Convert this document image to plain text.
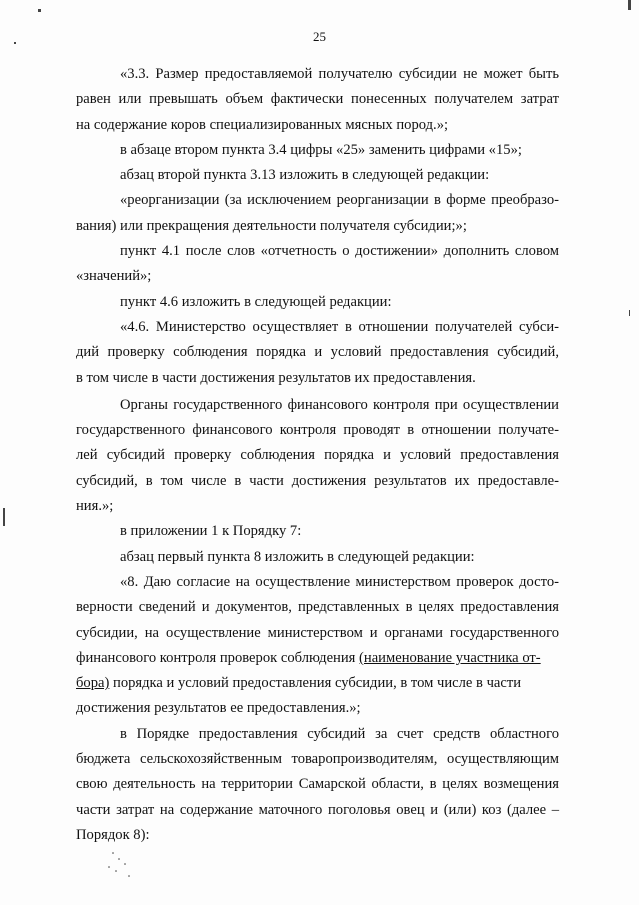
25
«3.3. Размер предоставляемой получателю субсидии не может быть
равен или превышать объем фактически понесенных получателем затрат
на содержание коров специализированных мясных пород.»;
в абзаце втором пункта 3.4 цифры «25» заменить цифрами «15»;
абзац второй пункта 3.13 изложить в следующей редакции:
«реорганизации (за исключением реорганизации в форме преобразо-
вания) или прекращения деятельности получателя субсидии;»;
пункт 4.1 после слов «отчетность о достижении» дополнить словом
«значений»;
пункт 4.6 изложить в следующей редакции:
«4.6. Министерство осуществляет в отношении получателей субси-
дий проверку соблюдения порядка и условий предоставления субсидий,
в том числе в части достижения результатов их предоставления.
Органы государственного финансового контроля при осуществлении
государственного финансового контроля проводят в отношении получате-
лей субсидий проверку соблюдения порядка и условий предоставления
субсидий, в том числе в части достижения результатов их предоставле-
ния.»;
в приложении 1 к Порядку 7:
абзац первый пункта 8 изложить в следующей редакции:
«8. Даю согласие на осуществление министерством проверок досто-
верности сведений и документов, представленных в целях предоставления
субсидии, на осуществление министерством и органами государственного
финансового контроля проверок соблюдения (наименование участника от-
бора) порядка и условий предоставления субсидии, в том числе в части
достижения результатов ее предоставления.»;
в Порядке предоставления субсидий за счет средств областного
бюджета сельскохозяйственным товаропроизводителям, осуществляющим
свою деятельность на территории Самарской области, в целях возмещения
части затрат на содержание маточного поголовья овец и (или) коз (далее –
Порядок 8):
